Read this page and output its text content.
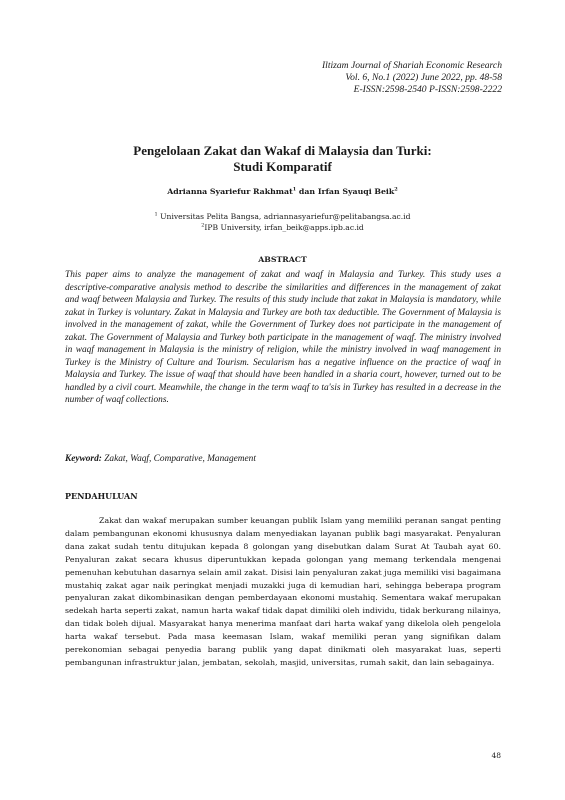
Iltizam Journal of Shariah Economic Research
Vol. 6, No.1 (2022) June 2022, pp. 48-58
E-ISSN:2598-2540 P-ISSN:2598-2222
Pengelolaan Zakat dan Wakaf di Malaysia dan Turki:
Studi Komparatif
Adrianna Syariefur Rakhmat$^1$ dan Irfan Syauqi Beik$^2$
$^1$ Universitas Pelita Bangsa, adriannasyariefur@pelitabangsa.ac.id
$^2$IPB University, irfan_beik@apps.ipb.ac.id
ABSTRACT
This paper aims to analyze the management of zakat and waqf in Malaysia and Turkey. This study uses a descriptive-comparative analysis method to describe the similarities and differences in the management of zakat and waqf between Malaysia and Turkey. The results of this study include that zakat in Malaysia is mandatory, while zakat in Turkey is voluntary. Zakat in Malaysia and Turkey are both tax deductible. The Government of Malaysia is involved in the management of zakat, while the Government of Turkey does not participate in the management of zakat. The Government of Malaysia and Turkey both participate in the management of waqf. The ministry involved in waqf management in Malaysia is the ministry of religion, while the ministry involved in waqf management in Turkey is the Ministry of Culture and Tourism. Secularism has a negative influence on the practice of waqf in Malaysia and Turkey. The issue of waqf that should have been handled in a sharia court, however, turned out to be handled by a civil court. Meanwhile, the change in the term waqf to ta'sis in Turkey has resulted in a decrease in the number of waqf collections.
Keyword: Zakat, Waqf, Comparative, Management
PENDAHULUAN
Zakat dan wakaf merupakan sumber keuangan publik Islam yang memiliki peranan sangat penting dalam pembangunan ekonomi khususnya dalam menyediakan layanan publik bagi masyarakat. Penyaluran dana zakat sudah tentu ditujukan kepada 8 golongan yang disebutkan dalam Surat At Taubah ayat 60. Penyaluran zakat secara khusus diperuntukkan kepada golongan yang memang terkendala mengenai pemenuhan kebutuhan dasarnya selain amil zakat. Disisi lain penyaluran zakat juga memiliki visi bagaimana mustahiq zakat agar naik peringkat menjadi muzakki juga di kemudian hari, sehingga beberapa program penyaluran zakat dikombinasikan dengan pemberdayaan ekonomi mustahiq. Sementara wakaf merupakan sedekah harta seperti zakat, namun harta wakaf tidak dapat dimiliki oleh individu, tidak berkurang nilainya, dan tidak boleh dijual. Masyarakat hanya menerima manfaat dari harta wakaf yang dikelola oleh pengelola harta wakaf tersebut. Pada masa keemasan Islam, wakaf memiliki peran yang signifikan dalam perekonomian sebagai penyedia barang publik yang dapat dinikmati oleh masyarakat luas, seperti pembangunan infrastruktur jalan, jembatan, sekolah, masjid, universitas, rumah sakit, dan lain sebagainya.
48
